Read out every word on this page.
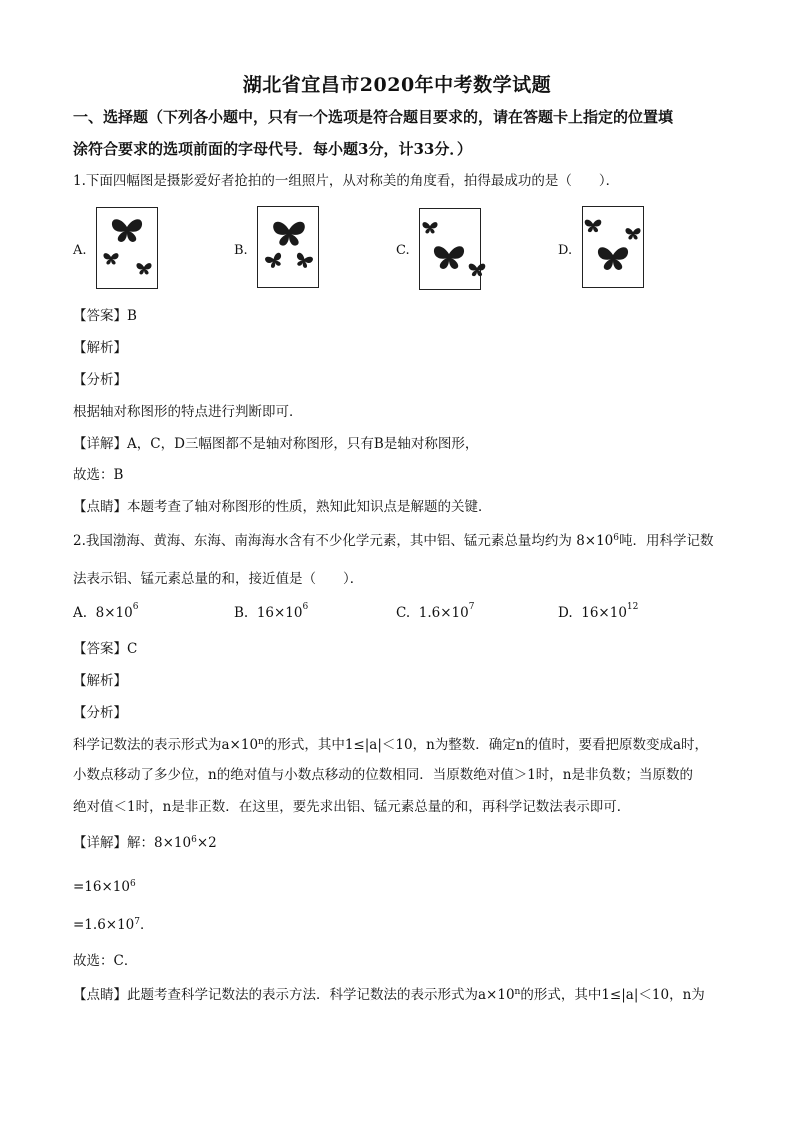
湖北省宜昌市2020年中考数学试题
一、选择题（下列各小题中，只有一个选项是符合题目要求的，请在答题卡上指定的位置填
涂符合要求的选项前面的字母代号．每小题3分，计33分．）
1.下面四幅图是摄影爱好者抢拍的一组照片，从对称美的角度看，拍得最成功的是（　　）．
A.	B.	C.	D.
【答案】B
【解析】
【分析】
根据轴对称图形的特点进行判断即可．
【详解】A，C，D三幅图都不是轴对称图形，只有B是轴对称图形，
故选：B
【点睛】本题考查了轴对称图形的性质，熟知此知识点是解题的关键．
2.我国渤海、黄海、东海、南海海水含有不少化学元素，其中铝、锰元素总量均约为 $8\times 10^6$吨．用科学记数
法表示铝、锰元素总量的和，接近值是（　　）．
A. $8\times 10^6$	B. $16\times 10^6$	C. $1.6\times 10^7$	D. $16\times 10^{12}$
【答案】C
【解析】
【分析】
科学记数法的表示形式为$a\times 10^n$的形式，其中1≤|a|＜10，n为整数．确定n的值时，要看把原数变成a时，
小数点移动了多少位，n的绝对值与小数点移动的位数相同．当原数绝对值＞1时，n是非负数；当原数的
绝对值＜1时，n是非正数．在这里，要先求出铝、锰元素总量的和，再科学记数法表示即可．
【详解】解：$8\times 10^6\times 2$
$=16\times 10^6$
$=1.6\times 10^7$．
故选：C．
【点睛】此题考查科学记数法的表示方法．科学记数法的表示形式为$a\times 10^n$的形式，其中1≤|a|＜10，n为
